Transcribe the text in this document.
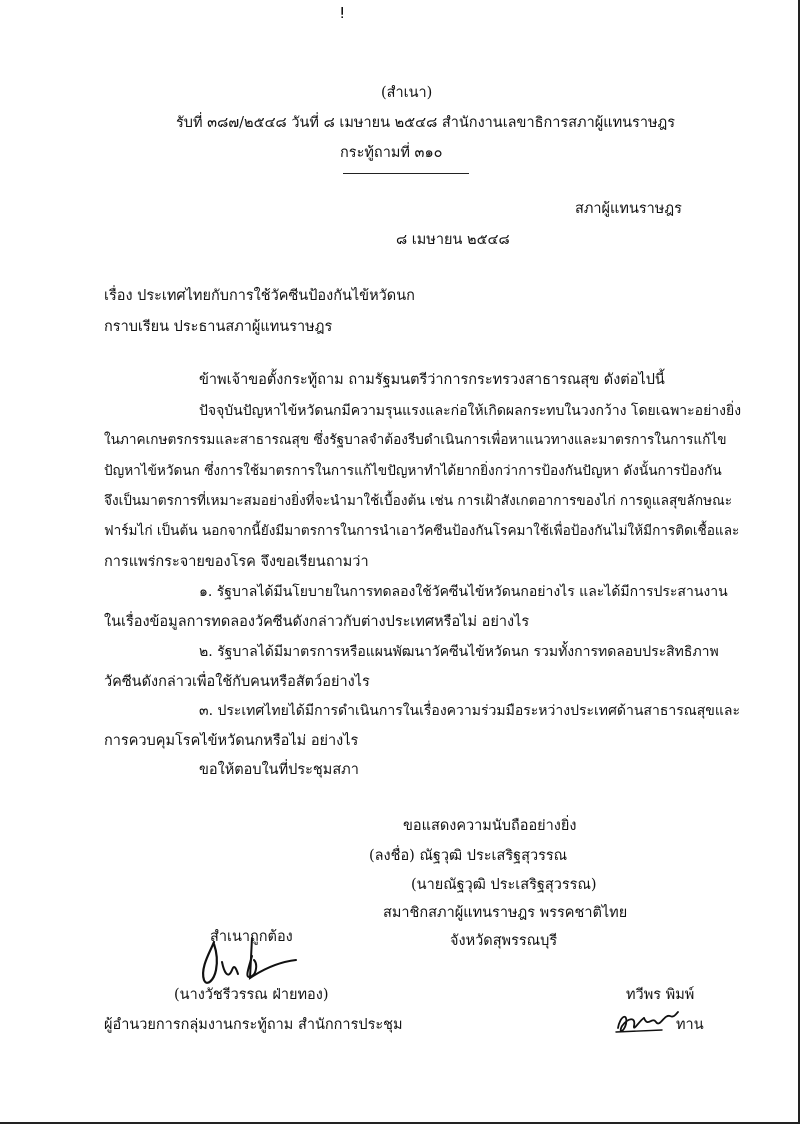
ǃ
(สำเนา)
รับที่ ๓๘๗/๒๕๔๘ วันที่ ๘ เมษายน ๒๕๔๘ สำนักงานเลขาธิการสภาผู้แทนราษฎร
กระทู้ถามที่ ๓๑๐
สภาผู้แทนราษฎร
๘ เมษายน ๒๕๔๘
เรื่อง ประเทศไทยกับการใช้วัคซีนป้องกันไข้หวัดนก
กราบเรียน ประธานสภาผู้แทนราษฎร
ข้าพเจ้าขอตั้งกระทู้ถาม ถามรัฐมนตรีว่าการกระทรวงสาธารณสุข ดังต่อไปนี้
ปัจจุบันปัญหาไข้หวัดนกมีความรุนแรงและก่อให้เกิดผลกระทบในวงกว้าง โดยเฉพาะอย่างยิ่ง
ในภาคเกษตรกรรมและสาธารณสุข ซึ่งรัฐบาลจำต้องรีบดำเนินการเพื่อหาแนวทางและมาตรการในการแก้ไข
ปัญหาไข้หวัดนก ซึ่งการใช้มาตรการในการแก้ไขปัญหาทำได้ยากยิ่งกว่าการป้องกันปัญหา ดังนั้นการป้องกัน
จึงเป็นมาตรการที่เหมาะสมอย่างยิ่งที่จะนำมาใช้เบื้องต้น เช่น การเฝ้าสังเกตอาการของไก่ การดูแลสุขลักษณะ
ฟาร์มไก่ เป็นต้น นอกจากนี้ยังมีมาตรการในการนำเอาวัคซีนป้องกันโรคมาใช้เพื่อป้องกันไม่ให้มีการติดเชื้อและ
การแพร่กระจายของโรค จึงขอเรียนถามว่า
๑. รัฐบาลได้มีนโยบายในการทดลองใช้วัคซีนไข้หวัดนกอย่างไร และได้มีการประสานงาน
ในเรื่องข้อมูลการทดลองวัคซีนดังกล่าวกับต่างประเทศหรือไม่ อย่างไร
๒. รัฐบาลได้มีมาตรการหรือแผนพัฒนาวัคซีนไข้หวัดนก รวมทั้งการทดลอบประสิทธิภาพ
วัคซีนดังกล่าวเพื่อใช้กับคนหรือสัตว์อย่างไร
๓. ประเทศไทยได้มีการดำเนินการในเรื่องความร่วมมือระหว่างประเทศด้านสาธารณสุขและ
การควบคุมโรคไข้หวัดนกหรือไม่ อย่างไร
ขอให้ตอบในที่ประชุมสภา
ขอแสดงความนับถืออย่างยิ่ง
(ลงชื่อ) ณัฐวุฒิ ประเสริฐสุวรรณ
(นายณัฐวุฒิ ประเสริฐสุวรรณ)
สมาชิกสภาผู้แทนราษฎร พรรคชาติไทย
จังหวัดสุพรรณบุรี
สำเนาถูกต้อง
(นางวัชรีวรรณ ฝ่ายทอง)
ผู้อำนวยการกลุ่มงานกระทู้ถาม สำนักการประชุม
ทวีพร พิมพ์
ทาน
